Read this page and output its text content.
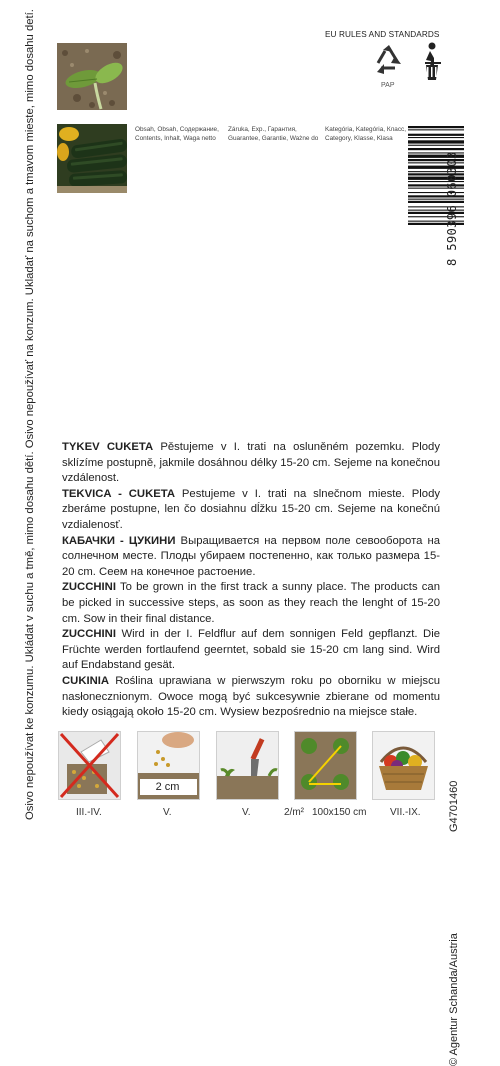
Osivo nepoužívat ke konzumu. Ukládat v suchu a tmě, mimo dosahu dětí. Osivo nepoužívať na konzum. Ukladať na suchom a tmavom mieste, mimo dosahu detí.	Obsah, Obsah, Содержание,
Contents, Inhalt, Waga netto
Záruka, Exp., Гарантия,
Guarantee, Garantie, Ważne do
Kategória, Kategória, Класс,
Category, Klasse, Klasa
EU RULES AND STANDARDS
PAP
8 590396 060303
G4701460
© Agentur Schanda/Austria

TYKEV CUKETA Pěstujeme v I. trati na osluněném pozemku. Plody sklízíme postupně, jakmile dosáhnou délky 15-20 cm. Sejeme na konečnou vzdálenost.

TEKVICA - CUKETA Pestujeme v I. trati na slnečnom mieste. Plody zberáme postupne, len čo dosiahnu dĺžku 15-20 cm. Sejeme na konečnú vzdialenosť.

КАБАЧКИ - ЦУКИНИ Выращивается на первом поле севооборота на солнечном месте. Плоды убираем постепенно, как только размера 15-20 cm. Сеем на конечное растоение.

ZUCCHINI To be grown in the first track a sunny place. The products can be picked in successive steps, as soon as they reach the lenght of 15-20 cm. Sow in their final distance.

ZUCCHINI Wird in der I. Feldflur auf dem sonnigen Feld gepflanzt. Die Früchte werden fortlaufend geerntet, sobald sie 15-20 cm lang sind. Wird auf Endabstand gesät.

CUKINIA Roślina uprawiana w pierwszym roku po oborniku w miejscu nasłonecznionym. Owoce mogą być sukcesywnie zbierane od momentu kiedy osiągają około 15-20 cm. Wysiew bezpośrednio na miejsce stałe.

2 cm
III.-IV.	V.	V.	2/m² 100x150 cm VII.-IX.
